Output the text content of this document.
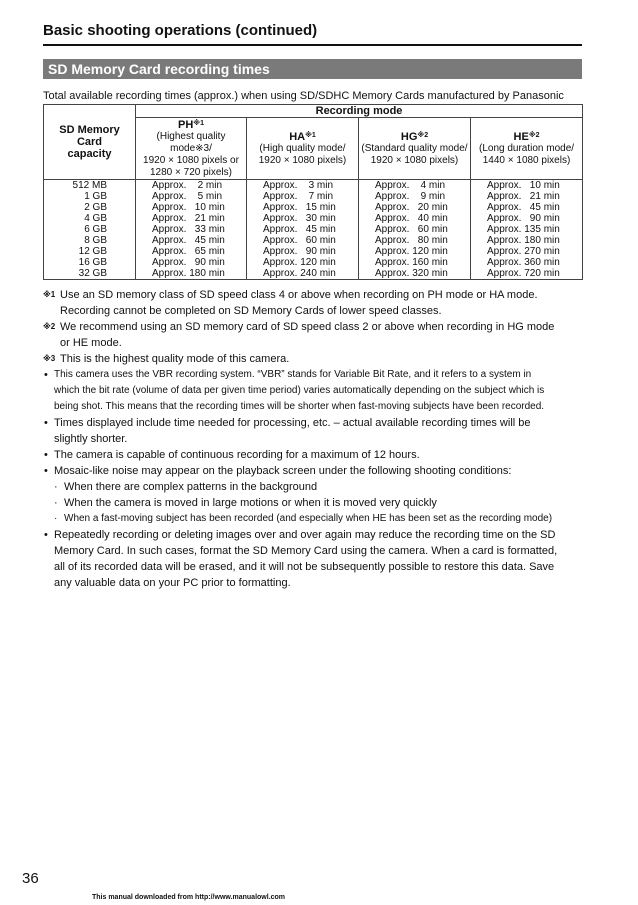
Basic shooting operations (continued)
SD Memory Card recording times
Total available recording times (approx.) when using SD/SDHC Memory Cards manufactured by Panasonic
SD Memory Card
capacity	Recording mode			

	PH$^{※1}$
(Highest quality mode※3/
1920 × 1080 pixels or
1280 × 720 pixels)	HA$^{※1}$
(High quality mode/
1920 × 1080 pixels)	HG$^{※2}$
(Standard quality mode/
1920 × 1080 pixels)	HE$^{※2}$
(Long duration mode/
1440 × 1080 pixels)

512 MB	Approx.    2 min	Approx.    3 min	Approx.    4 min	Approx.   10 min
1 GB	Approx.    5 min	Approx.    7 min	Approx.    9 min	Approx.   21 min
2 GB	Approx.   10 min	Approx.   15 min	Approx.   20 min	Approx.   45 min
4 GB	Approx.   21 min	Approx.   30 min	Approx.   40 min	Approx.   90 min
6 GB	Approx.   33 min	Approx.   45 min	Approx.   60 min	Approx. 135 min
8 GB	Approx.   45 min	Approx.   60 min	Approx.   80 min	Approx. 180 min
12 GB	Approx.   65 min	Approx.   90 min	Approx. 120 min	Approx. 270 min
16 GB	Approx.   90 min	Approx. 120 min	Approx. 160 min	Approx. 360 min
32 GB	Approx. 180 min	Approx. 240 min	Approx. 320 min	Approx. 720 min
※1 Use an SD memory class of SD speed class 4 or above when recording on PH mode or HA mode.
Recording cannot be completed on SD Memory Cards of lower speed classes.
※2 We recommend using an SD memory card of SD speed class 2 or above when recording in HG mode
or HE mode.
※3 This is the highest quality mode of this camera.
• This camera uses the VBR recording system. “VBR” stands for Variable Bit Rate, and it refers to a system in
which the bit rate (volume of data per given time period) varies automatically depending on the subject which is
being shot. This means that the recording times will be shorter when fast-moving subjects have been recorded.
• Times displayed include time needed for processing, etc. – actual available recording times will be
slightly shorter.
• The camera is capable of continuous recording for a maximum of 12 hours.
• Mosaic-like noise may appear on the playback screen under the following shooting conditions:
· When there are complex patterns in the background
· When the camera is moved in large motions or when it is moved very quickly
· When a fast-moving subject has been recorded (and especially when HE has been set as the recording mode)
• Repeatedly recording or deleting images over and over again may reduce the recording time on the SD
Memory Card. In such cases, format the SD Memory Card using the camera. When a card is formatted,
all of its recorded data will be erased, and it will not be subsequently possible to restore this data. Save
any valuable data on your PC prior to formatting.
36
This manual downloaded from http://www.manualowl.com
